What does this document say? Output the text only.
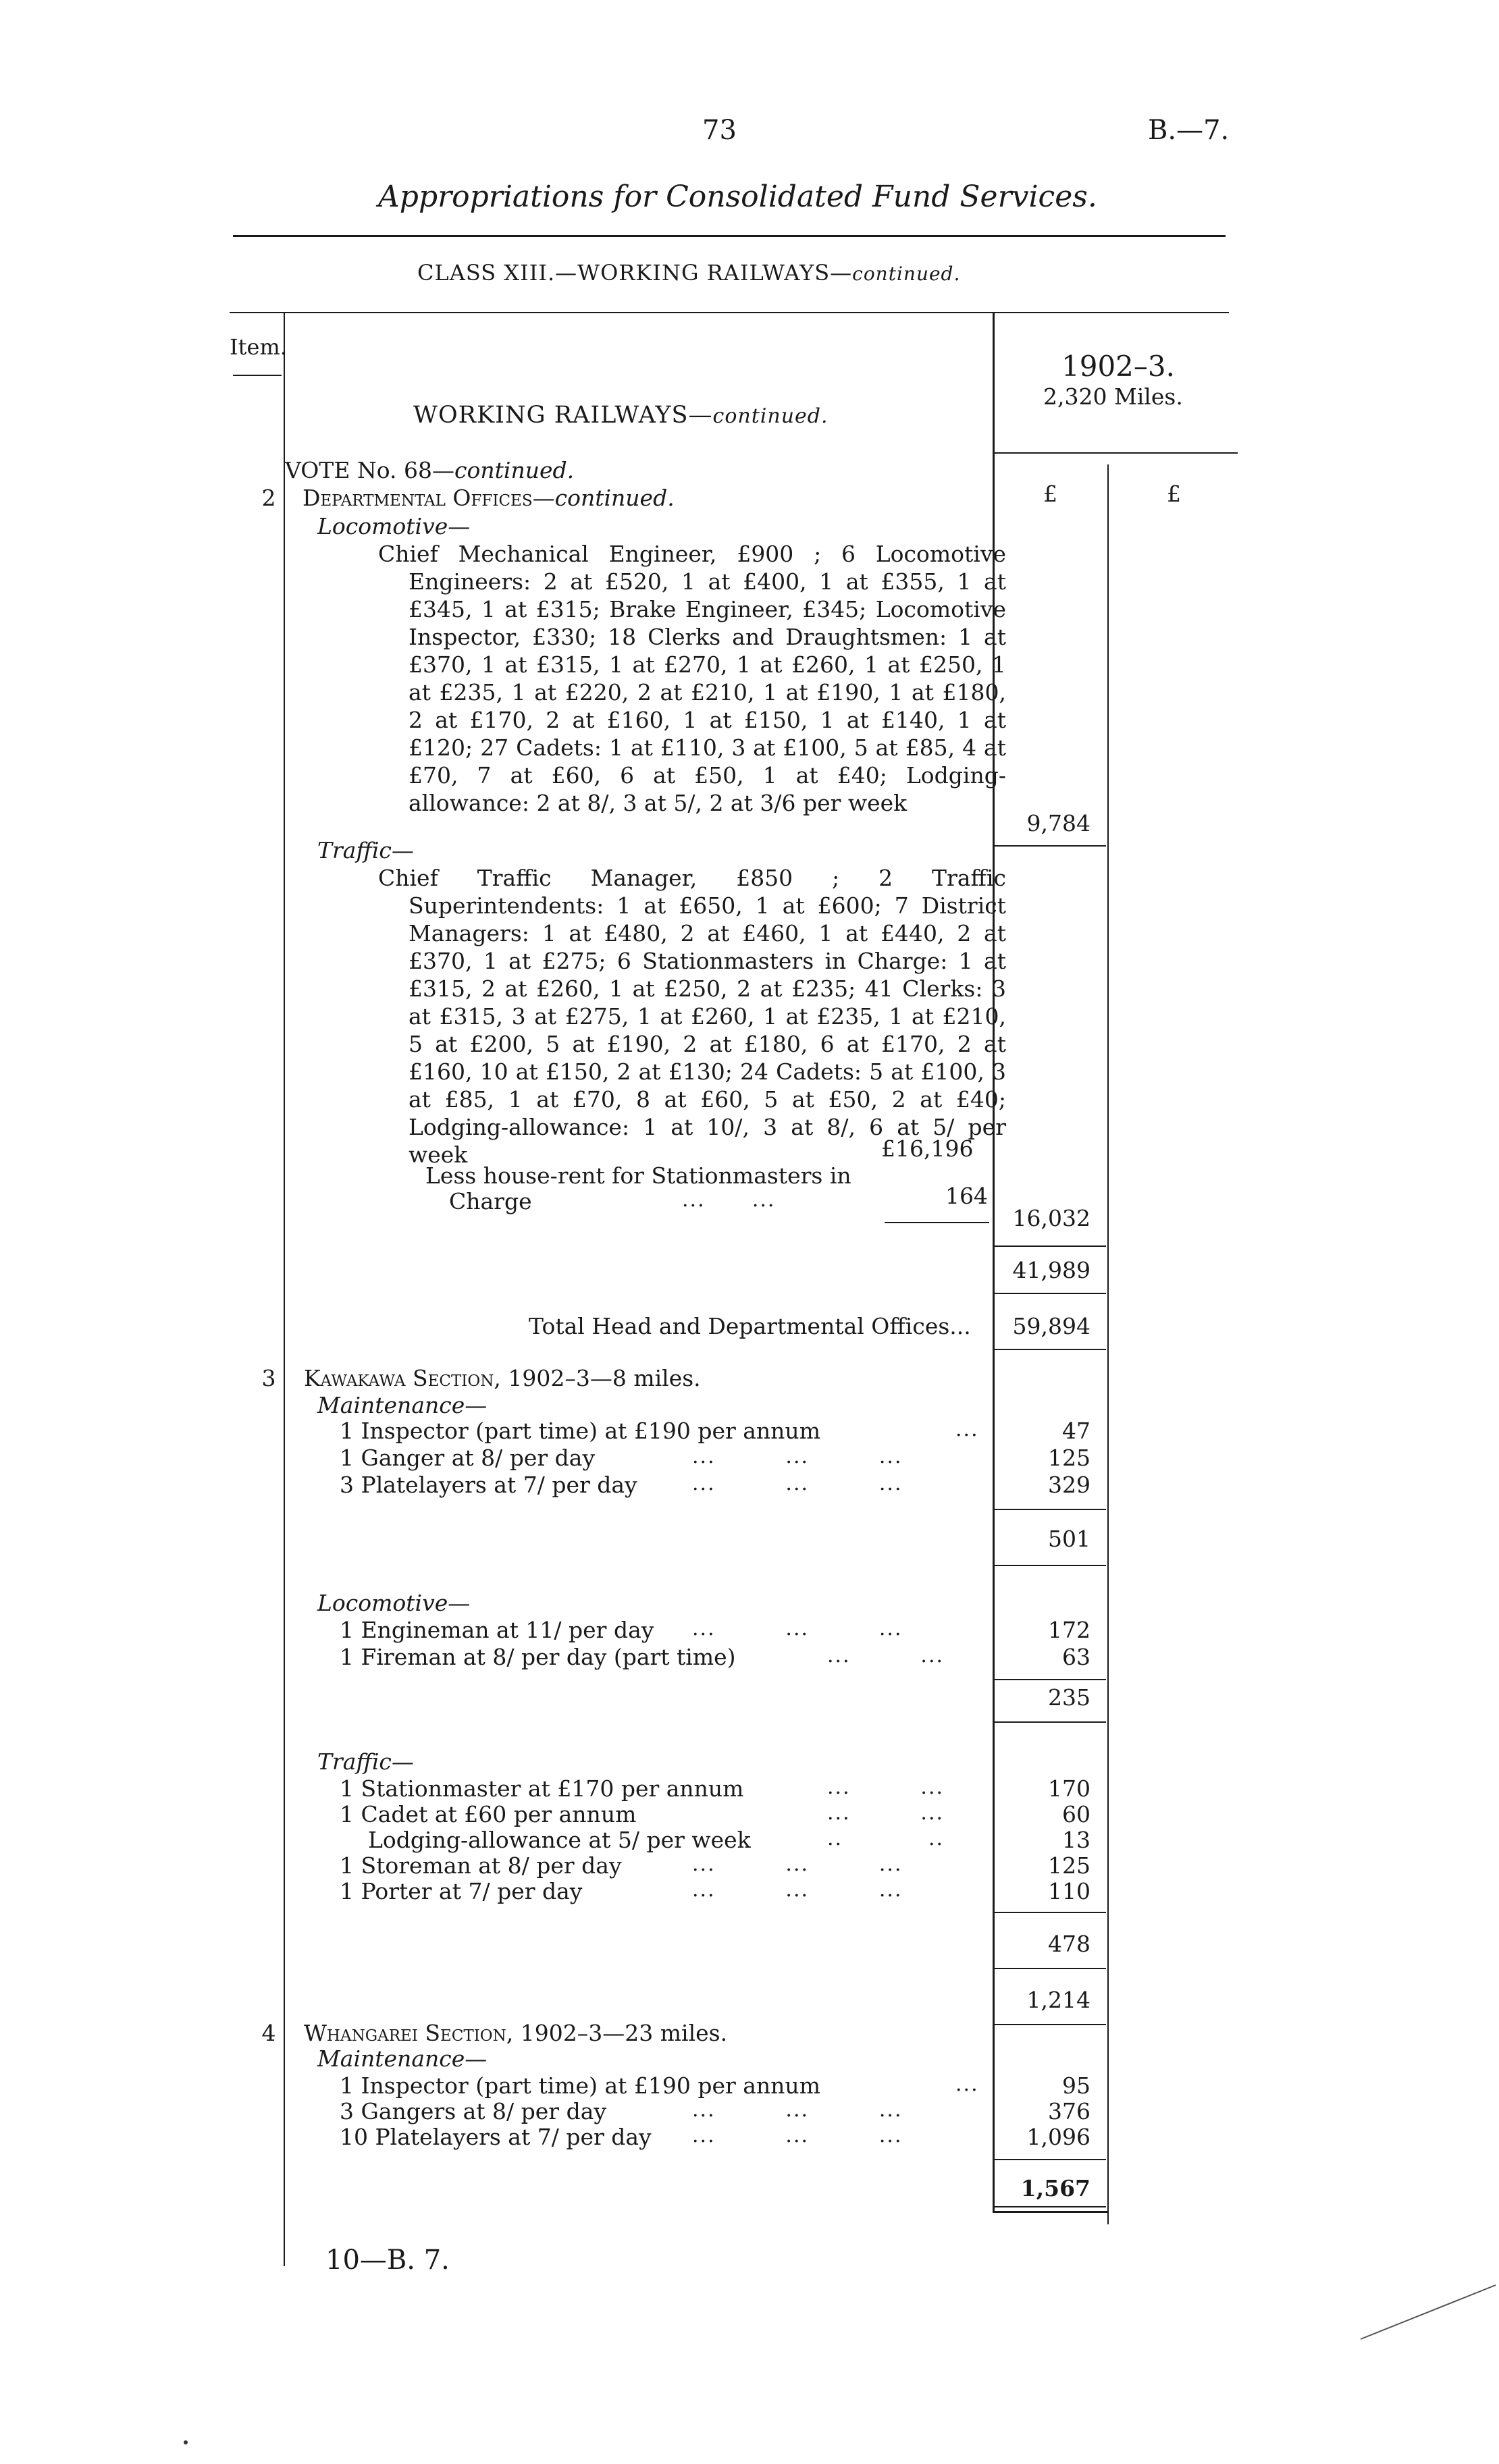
73	B.—7.
Appropriations for Consolidated Fund Services.
CLASS XIII.—WORKING RAILWAYS—continued.
Item.
WORKING RAILWAYS—continued.
1902–3.
2,320 Miles.
£	£
VOTE No. 68—continued.
2 Departmental Offices—continued.
Locomotive—
Chief Mechanical Engineer, £900 ; 6 Locomotive Engineers: 2 at £520, 1 at £400, 1 at £355, 1 at £345, 1 at £315; Brake Engineer, £345; Locomotive Inspector, £330; 18 Clerks and Draughtsmen: 1 at £370, 1 at £315, 1 at £270, 1 at £260, 1 at £250, 1 at £235, 1 at £220, 2 at £210, 1 at £190, 1 at £180, 2 at £170, 2 at £160, 1 at £150, 1 at £140, 1 at £120; 27 Cadets: 1 at £110, 3 at £100, 5 at £85, 4 at £70, 7 at £60, 6 at £50, 1 at £40; Lodging-allowance: 2 at 8/, 3 at 5/, 2 at 3/6 per week
9,784
Traffic—
Chief Traffic Manager, £850 ; 2 Traffic Superintendents: 1 at £650, 1 at £600; 7 District Managers: 1 at £480, 2 at £460, 1 at £440, 2 at £370, 1 at £275; 6 Stationmasters in Charge: 1 at £315, 2 at £260, 1 at £250, 2 at £235; 41 Clerks: 3 at £315, 3 at £275, 1 at £260, 1 at £235, 1 at £210, 5 at £200, 5 at £190, 2 at £180, 6 at £170, 2 at £160, 10 at £150, 2 at £130; 24 Cadets: 5 at £100, 3 at £85, 1 at £70, 8 at £60, 5 at £50, 2 at £40; Lodging-allowance: 1 at 10/, 3 at 8/, 6 at 5/ per week	£16,196
Less house-rent for Stationmasters in
Charge	...      ...	164
16,032
41,989
Total Head and Departmental Offices...	59,894
3 Kawakawa Section, 1902–3—8 miles.
Maintenance—
1 Inspector (part time) at £190 per annum	...	47
1 Ganger at 8/ per day	...         ...         ...	125
3 Platelayers at 7/ per day	...         ...         ...	329
501
Locomotive—
1 Engineman at 11/ per day ...         ...         ...	172
1 Fireman at 8/ per day (part time)	...         ...	63
235
Traffic—
1 Stationmaster at £170 per annum	...         ...	170
1 Cadet at £60 per annum	...         ...	60
Lodging-allowance at 5/ per week	..           ..	13
1 Storeman at 8/ per day	...         ...         ...	125
1 Porter at 7/ per day	...         ...         ...	110
478
1,214
4 Whangarei Section, 1902–3—23 miles.
Maintenance—
1 Inspector (part time) at £190 per annum	...	95
3 Gangers at 8/ per day	...         ...         ...	376
10 Platelayers at 7/ per day ...         ...         ...	1,096
1,567
10—B. 7.
